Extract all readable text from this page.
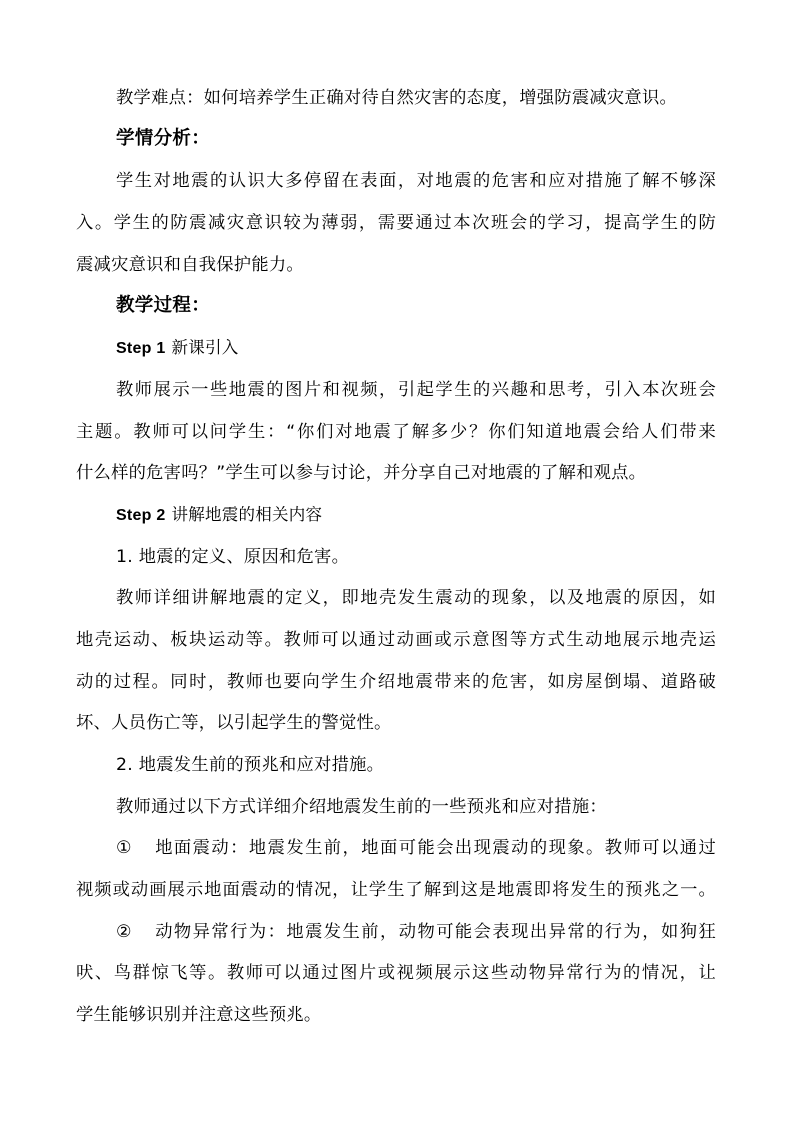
教学难点：如何培养学生正确对待自然灾害的态度，增强防震减灾意识。
学情分析：
学生对地震的认识大多停留在表面，对地震的危害和应对措施了解不够深
入。学生的防震减灾意识较为薄弱，需要通过本次班会的学习，提高学生的防
震减灾意识和自我保护能力。
教学过程：
Step 1 新课引入
教师展示一些地震的图片和视频，引起学生的兴趣和思考，引入本次班会
主题。教师可以问学生：“你们对地震了解多少？你们知道地震会给人们带来
什么样的危害吗？”学生可以参与讨论，并分享自己对地震的了解和观点。
Step 2 讲解地震的相关内容
1. 地震的定义、原因和危害。
教师详细讲解地震的定义，即地壳发生震动的现象，以及地震的原因，如
地壳运动、板块运动等。教师可以通过动画或示意图等方式生动地展示地壳运
动的过程。同时，教师也要向学生介绍地震带来的危害，如房屋倒塌、道路破
坏、人员伤亡等，以引起学生的警觉性。
2. 地震发生前的预兆和应对措施。
教师通过以下方式详细介绍地震发生前的一些预兆和应对措施：
① 地面震动：地震发生前，地面可能会出现震动的现象。教师可以通过
视频或动画展示地面震动的情况，让学生了解到这是地震即将发生的预兆之一。
② 动物异常行为：地震发生前，动物可能会表现出异常的行为，如狗狂
吠、鸟群惊飞等。教师可以通过图片或视频展示这些动物异常行为的情况，让
学生能够识别并注意这些预兆。
